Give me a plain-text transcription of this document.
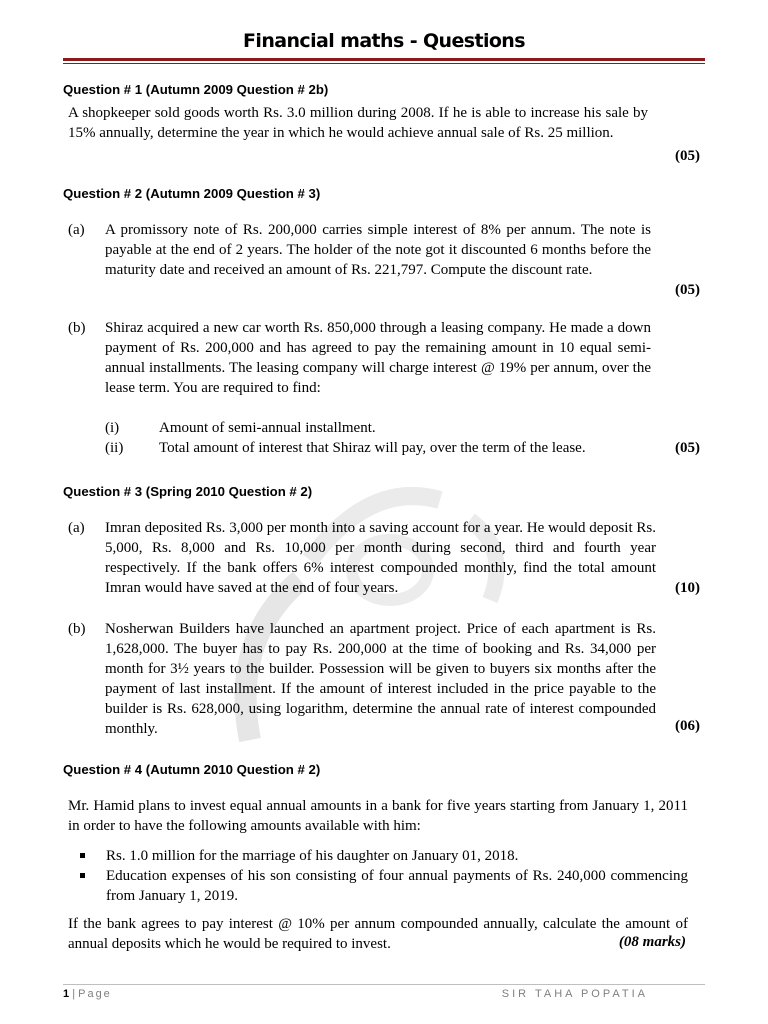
Financial maths - Questions
Question # 1 (Autumn 2009 Question # 2b)
A shopkeeper sold goods worth Rs. 3.0 million during 2008. If he is able to increase his sale by 15% annually, determine the year in which he would achieve annual sale of Rs. 25 million.
(05)
Question # 2 (Autumn 2009 Question # 3)
(a) A promissory note of Rs. 200,000 carries simple interest of 8% per annum. The note is payable at the end of 2 years. The holder of the note got it discounted 6 months before the maturity date and received an amount of Rs. 221,797. Compute the discount rate.
(05)
(b) Shiraz acquired a new car worth Rs. 850,000 through a leasing company. He made a down payment of Rs. 200,000 and has agreed to pay the remaining amount in 10 equal semi-annual installments. The leasing company will charge interest @ 19% per annum, over the lease term. You are required to find:
(i)	Amount of semi-annual installment.
(ii) Total amount of interest that Shiraz will pay, over the term of the lease.	(05)
Question # 3 (Spring 2010 Question # 2)
(a) Imran deposited Rs. 3,000 per month into a saving account for a year. He would deposit Rs. 5,000, Rs. 8,000 and Rs. 10,000 per month during second, third and fourth year respectively. If the bank offers 6% interest compounded monthly, find the total amount Imran would have saved at the end of four years.	(10)
(b) Nosherwan Builders have launched an apartment project. Price of each apartment is Rs. 1,628,000. The buyer has to pay Rs. 200,000 at the time of booking and Rs. 34,000 per month for 3½ years to the builder. Possession will be given to buyers six months after the payment of last installment. If the amount of interest included in the price payable to the builder is Rs. 628,000, using logarithm, determine the annual rate of interest compounded monthly.	(06)
Question # 4 (Autumn 2010 Question # 2)
Mr. Hamid plans to invest equal annual amounts in a bank for five years starting from January 1, 2011 in order to have the following amounts available with him:
Rs. 1.0 million for the marriage of his daughter on January 01, 2018.
Education expenses of his son consisting of four annual payments of Rs. 240,000 commencing from January 1, 2019.
If the bank agrees to pay interest @ 10% per annum compounded annually, calculate the amount of annual deposits which he would be required to invest.	(08 marks)
1 | Page	SIR TAHA POPATIA
